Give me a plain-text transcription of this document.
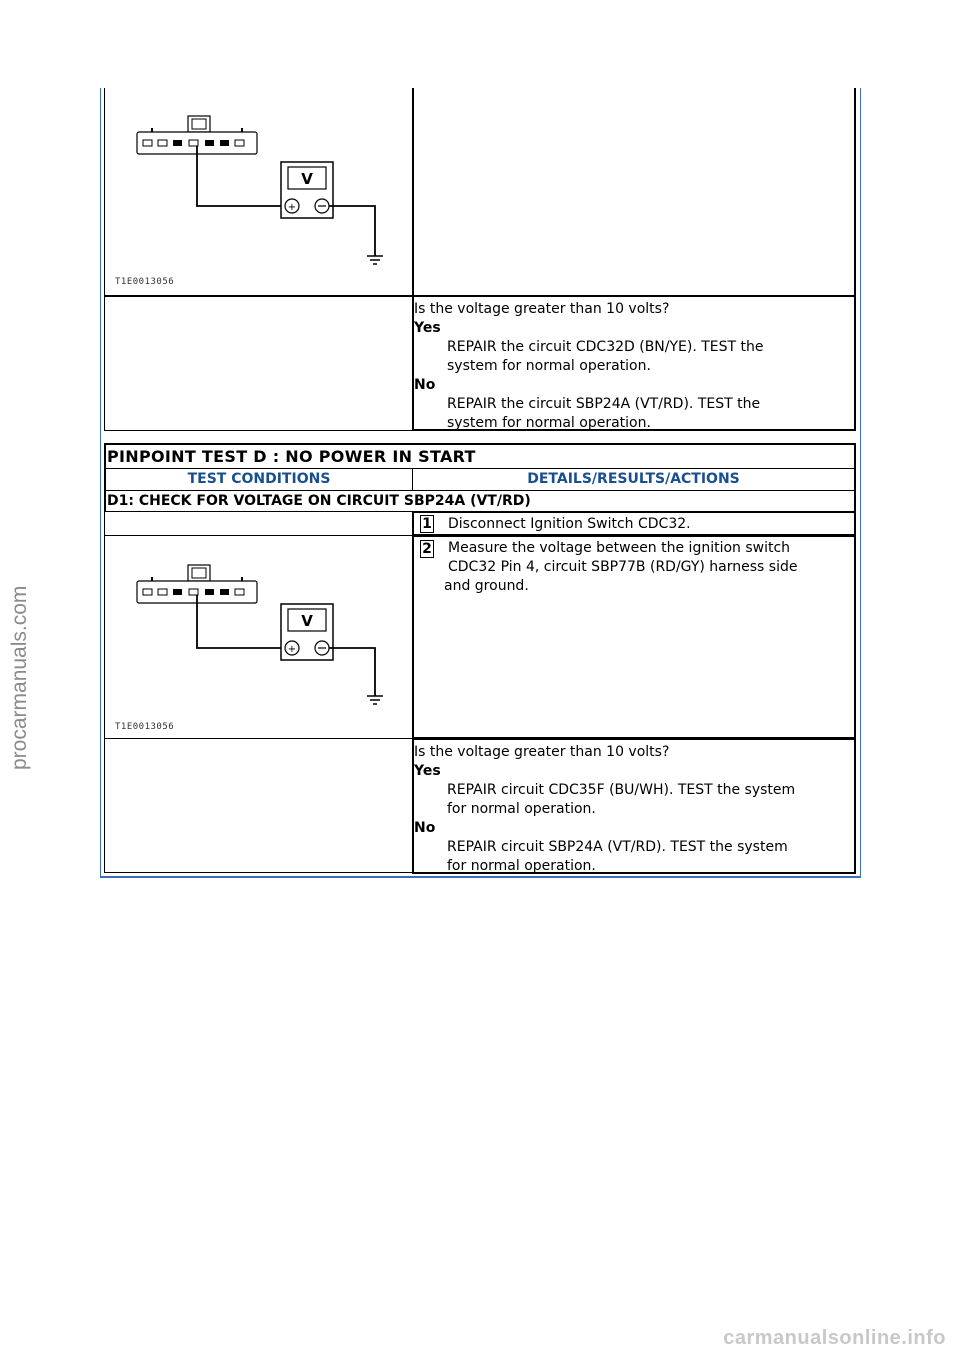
V
+
T1E0013056
Is the voltage greater than 10 volts?
Yes
REPAIR the circuit CDC32D (BN/YE). TEST the
system for normal operation.
No
REPAIR the circuit SBP24A (VT/RD). TEST the
system for normal operation.
PINPOINT TEST D : NO POWER IN START
TEST CONDITIONS	DETAILS/RESULTS/ACTIONS
D1: CHECK FOR VOLTAGE ON CIRCUIT SBP24A (VT/RD)
1 Disconnect Ignition Switch CDC32.
V
+
T1E0013056
2 Measure the voltage between the ignition switch
CDC32 Pin 4, circuit SBP77B (RD/GY) harness side
and ground.
Is the voltage greater than 10 volts?
Yes
REPAIR circuit CDC35F (BU/WH). TEST the system
for normal operation.
No
REPAIR circuit SBP24A (VT/RD). TEST the system
for normal operation.
procarmanuals.com
carmanualsonline.info
